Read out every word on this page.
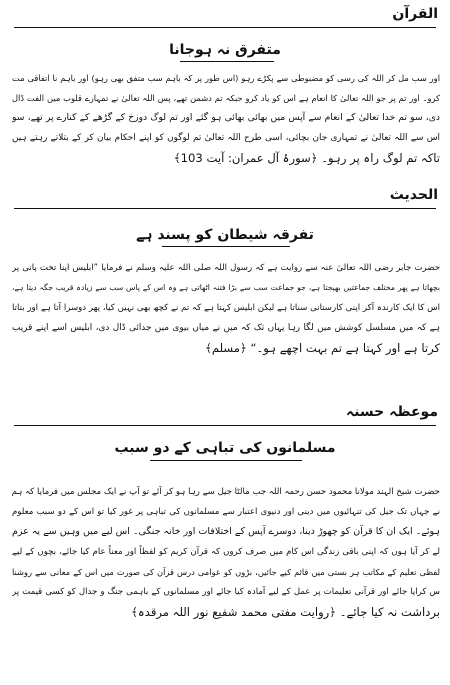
القرآن
متفرق نہ ہوجانا
اور سب مل کر اللہ کی رسی کو مضبوطی سے پکڑے رہو (اس طور پر کہ باہم سب متفق بھی رہو) اور باہم نا اتفاقی مت
کرو۔ اور تم پر جو اللہ تعالیٰ کا انعام ہے اس کو یاد کرو جبکہ تم دشمن تھے، پس اللہ تعالیٰ نے تمہارے قلوب میں الفت ڈال
دی، سو تم خدا تعالیٰ کے انعام سے آپس میں بھائی بھائی ہو گئے اور تم لوگ دوزخ کے گڑھے کے کنارے پر تھے، سو
اس سے اللہ تعالیٰ نے تمہاری جان بچائی، اسی طرح اللہ تعالیٰ تم لوگوں کو اپنے احکام بیان کر کے بتلاتے رہتے ہیں
تاکہ تم لوگ راہ پر رہو۔ ﴿سورۂ آل عمران: آیت 103﴾
الحدیث
تفرقہ شیطان کو پسند ہے
حضرت جابر رضی اللہ تعالیٰ عنہ سے روایت ہے کہ رسول اللہ صلی اللہ علیہ وسلم نے فرمایا ”ابلیس اپنا تخت پانی پر
بچھاتا ہے پھر مختلف جماعتیں بھیجتا ہے، جو جماعت سب سے بڑا فتنہ اٹھاتی ہے وہ اس کے پاس سب سے زیادہ قریب جگہ دیتا ہے،
اس کا ایک کارندہ آکر اپنی کارستانی سناتا ہے لیکن ابلیس کہتا ہے کہ تم نے کچھ بھی نہیں کیا، پھر دوسرا آتا ہے اور بتاتا
ہے کہ میں مسلسل کوشش میں لگا رہا یہاں تک کہ میں نے میاں بیوی میں جدائی ڈال دی، ابلیس اسے اپنے قریب
کرتا ہے اور کہتا ہے تم بہت اچھے ہو۔“ ﴿مسلم﴾
موعظہ حسنہ
مسلمانوں کی تباہی کے دو سبب
حضرت شیخ الہند مولانا محمود حسن رحمہ اللہ جب مالٹا جیل سے رہا ہو کر آئے تو آپ نے ایک مجلس میں فرمایا کہ ہم
نے جہاں تک جیل کی تنہائیوں میں دینی اور دنیوی اعتبار سے مسلمانوں کی تباہی پر غور کیا تو اس کے دو سبب معلوم
ہوئے۔ ایک ان کا قرآن کو چھوڑ دینا، دوسرے آپس کے اختلافات اور خانہ جنگی۔ اس لیے میں وہیں سے یہ عزم
لے کر آیا ہوں کہ اپنی باقی زندگی اس کام میں صرف کروں کہ قرآن کریم کو لفظاً اور معناً عام کیا جائے، بچوں کے لیے
لفظی تعلیم کے مکاتب ہر بستی میں قائم کیے جائیں، بڑوں کو عوامی درس قرآن کی صورت میں اس کے معانی سے روشنا
س کرایا جائے اور قرآنی تعلیمات پر عمل کے لیے آمادہ کیا جائے اور مسلمانوں کے باہمی جنگ و جدال کو کسی قیمت پر
برداشت نہ کیا جائے۔ ﴿روایت مفتی محمد شفیع نور اللہ مرقدہ﴾
